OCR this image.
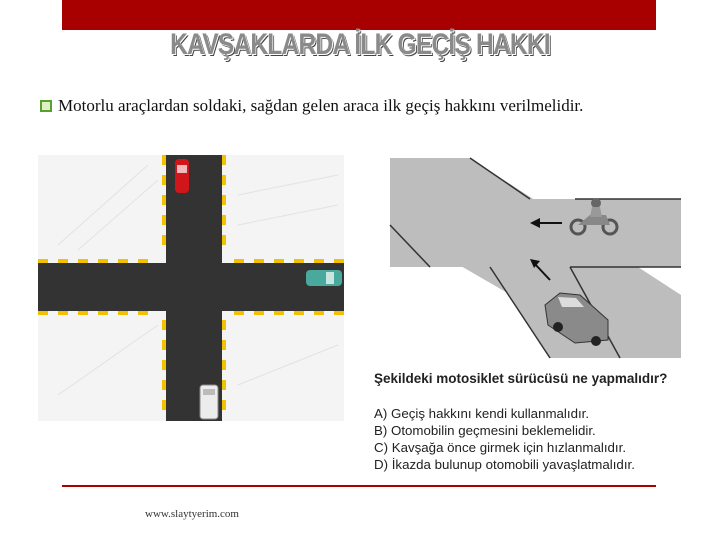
KAVŞAKLARDA İLK GEÇİŞ HAKKI
Motorlu araçlardan soldaki, sağdan gelen araca ilk geçiş hakkını verilmelidir.
Şekildeki motosiklet sürücüsü ne yapmalıdır?
A) Geçiş hakkını kendi kullanmalıdır.
B) Otomobilin geçmesini beklemelidir.
C) Kavşağa önce girmek için hızlanmalıdır.
D) İkazda bulunup otomobili yavaşlatmalıdır.
www.slaytyerim.com
